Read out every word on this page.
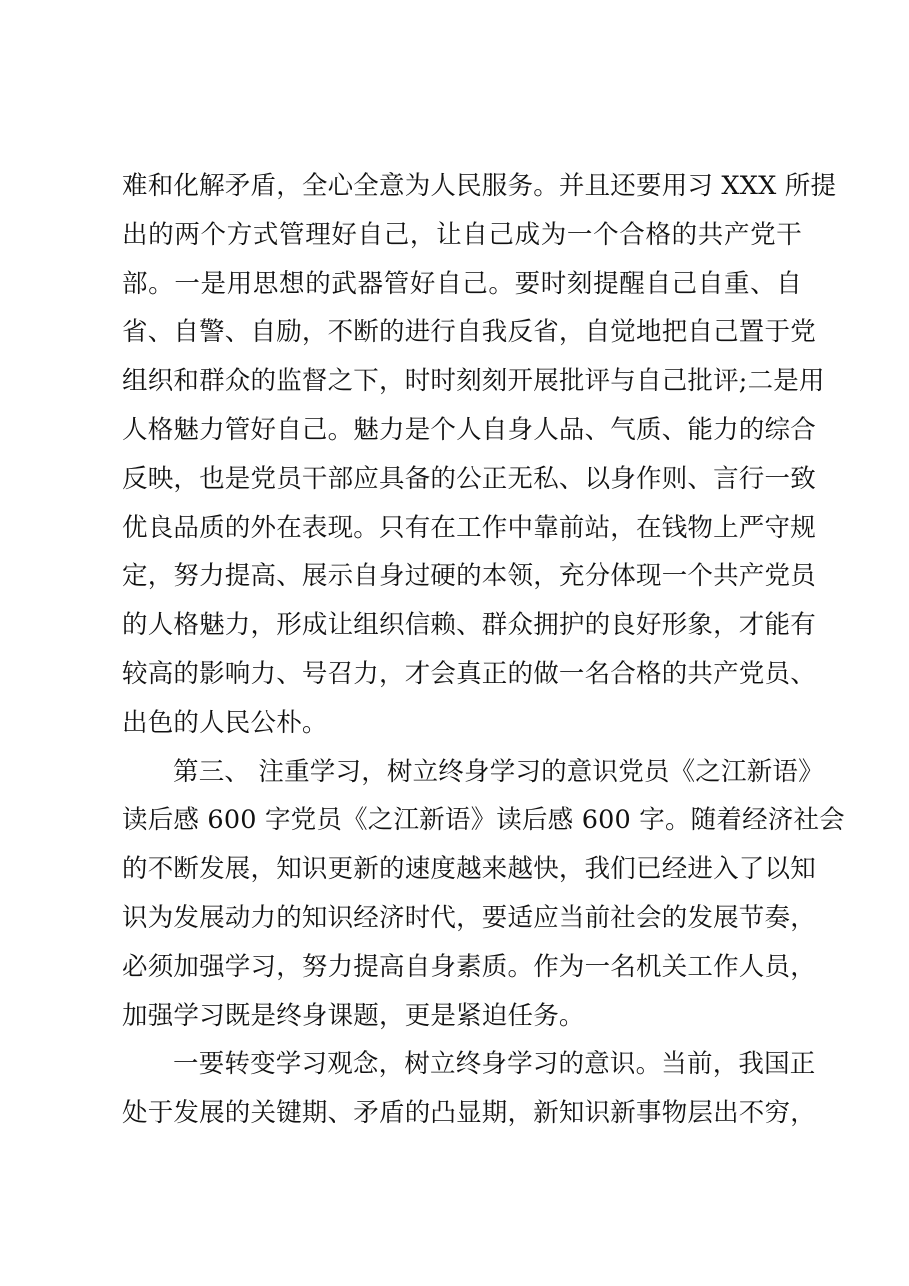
难和化解矛盾，全心全意为人民服务。并且还要用习 XXX 所提
出的两个方式管理好自己，让自己成为一个合格的共产党干
部。一是用思想的武器管好自己。要时刻提醒自己自重、自
省、自警、自励，不断的进行自我反省，自觉地把自己置于党
组织和群众的监督之下，时时刻刻开展批评与自己批评;二是用
人格魅力管好自己。魅力是个人自身人品、气质、能力的综合
反映，也是党员干部应具备的公正无私、以身作则、言行一致
优良品质的外在表现。只有在工作中靠前站，在钱物上严守规
定，努力提高、展示自身过硬的本领，充分体现一个共产党员
的人格魅力，形成让组织信赖、群众拥护的良好形象，才能有
较高的影响力、号召力，才会真正的做一名合格的共产党员、
出色的人民公朴。
第三、 注重学习，树立终身学习的意识党员《之江新语》
读后感 600 字党员《之江新语》读后感 600 字。随着经济社会
的不断发展，知识更新的速度越来越快，我们已经进入了以知
识为发展动力的知识经济时代，要适应当前社会的发展节奏，
必须加强学习，努力提高自身素质。作为一名机关工作人员，
加强学习既是终身课题，更是紧迫任务。
一要转变学习观念，树立终身学习的意识。当前，我国正
处于发展的关键期、矛盾的凸显期，新知识新事物层出不穷，
